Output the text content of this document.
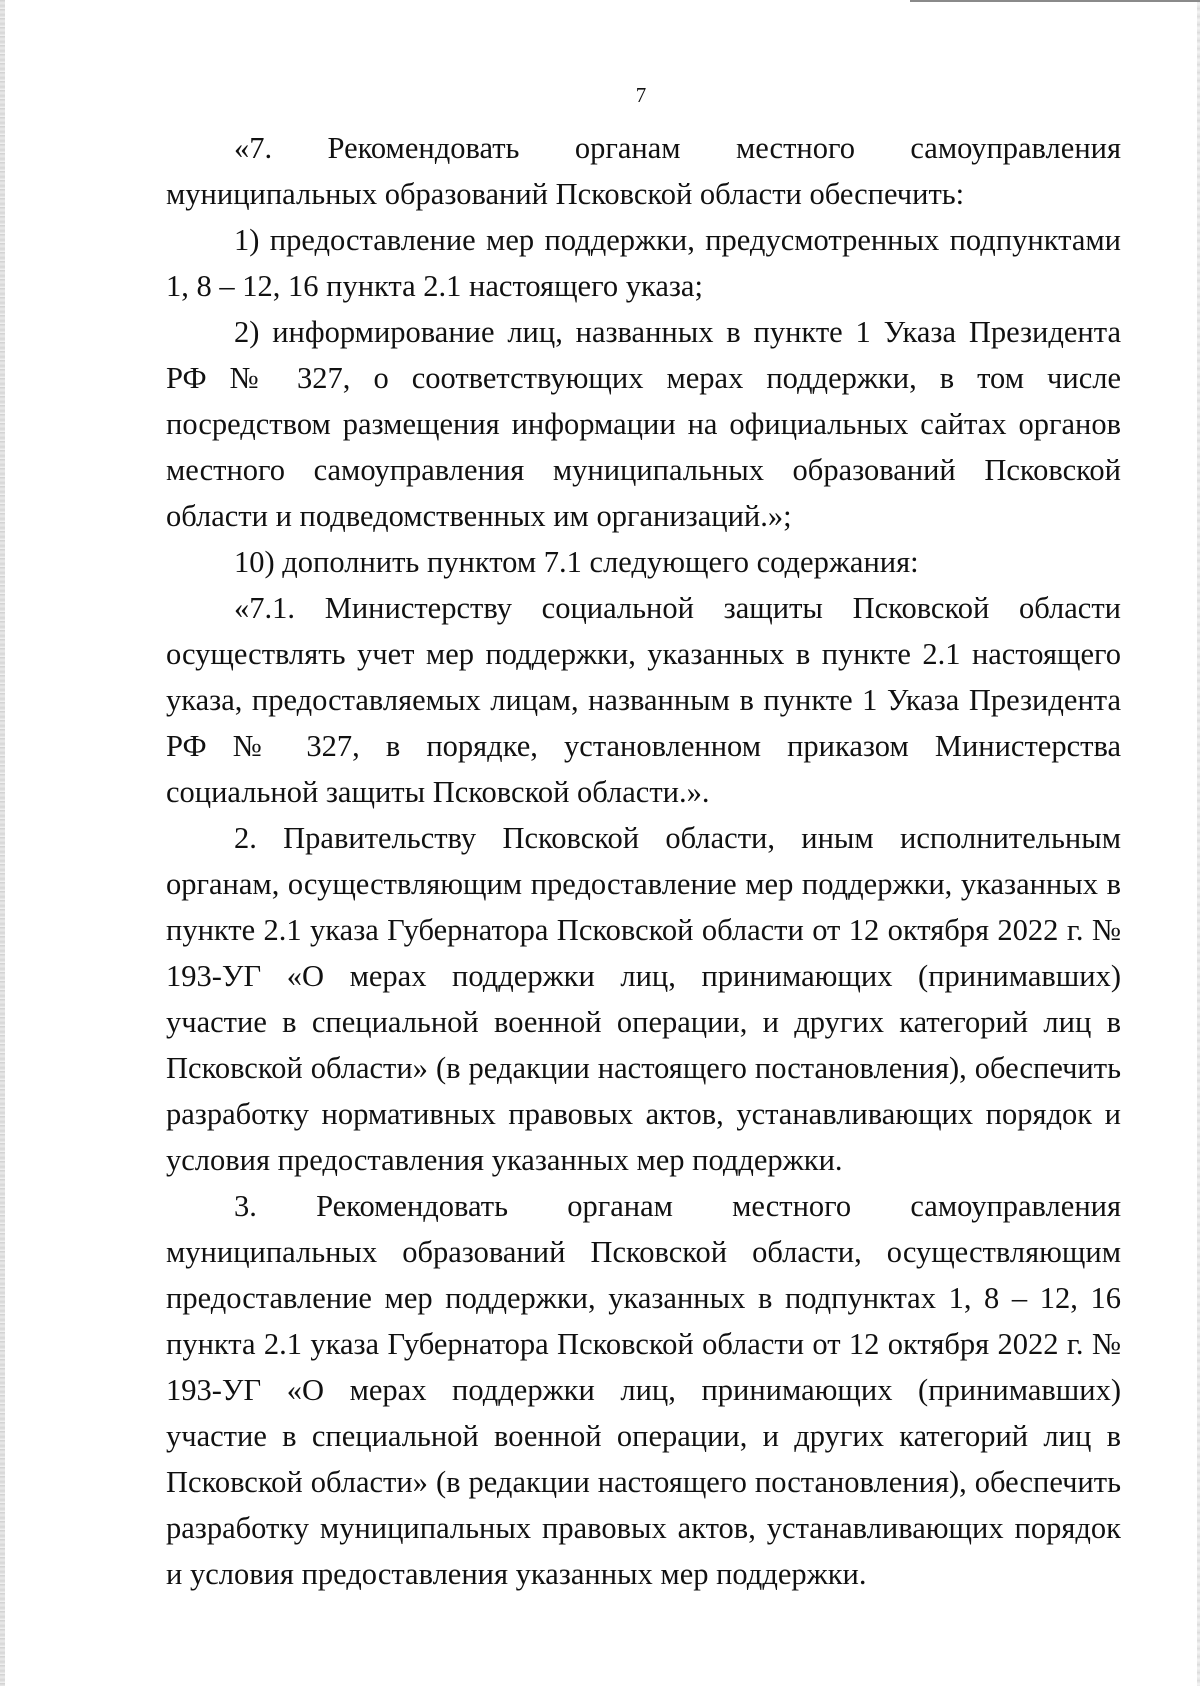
7

«7. Рекомендовать органам местного самоуправления муниципальных образований Псковской области обеспечить:

1) предоставление мер поддержки, предусмотренных подпунктами 1, 8 – 12, 16 пункта 2.1 настоящего указа;

2) информирование лиц, названных в пункте 1 Указа Президента РФ № 327, о соответствующих мерах поддержки, в том числе посредством размещения информации на официальных сайтах органов местного самоуправления муниципальных образований Псковской области и подведомственных им организаций.»;

10) дополнить пунктом 7.1 следующего содержания:

«7.1. Министерству социальной защиты Псковской области осуществлять учет мер поддержки, указанных в пункте 2.1 настоящего указа, предоставляемых лицам, названным в пункте 1 Указа Президента РФ № 327, в порядке, установленном приказом Министерства социальной защиты Псковской области.».

2. Правительству Псковской области, иным исполнительным органам, осуществляющим предоставление мер поддержки, указанных в пункте 2.1 указа Губернатора Псковской области от 12 октября 2022 г. № 193-УГ «О мерах поддержки лиц, принимающих (принимавших) участие в специальной военной операции, и других категорий лиц в Псковской области» (в редакции настоящего постановления), обеспечить разработку нормативных правовых актов, устанавливающих порядок и условия предоставления указанных мер поддержки.

3. Рекомендовать органам местного самоуправления муниципальных образований Псковской области, осуществляющим предоставление мер поддержки, указанных в подпунктах 1, 8 – 12, 16 пункта 2.1 указа Губернатора Псковской области от 12 октября 2022 г. № 193-УГ «О мерах поддержки лиц, принимающих (принимавших) участие в специальной военной операции, и других категорий лиц в Псковской области» (в редакции настоящего постановления), обеспечить разработку муниципальных правовых актов, устанавливающих порядок и условия предоставления указанных мер поддержки.
